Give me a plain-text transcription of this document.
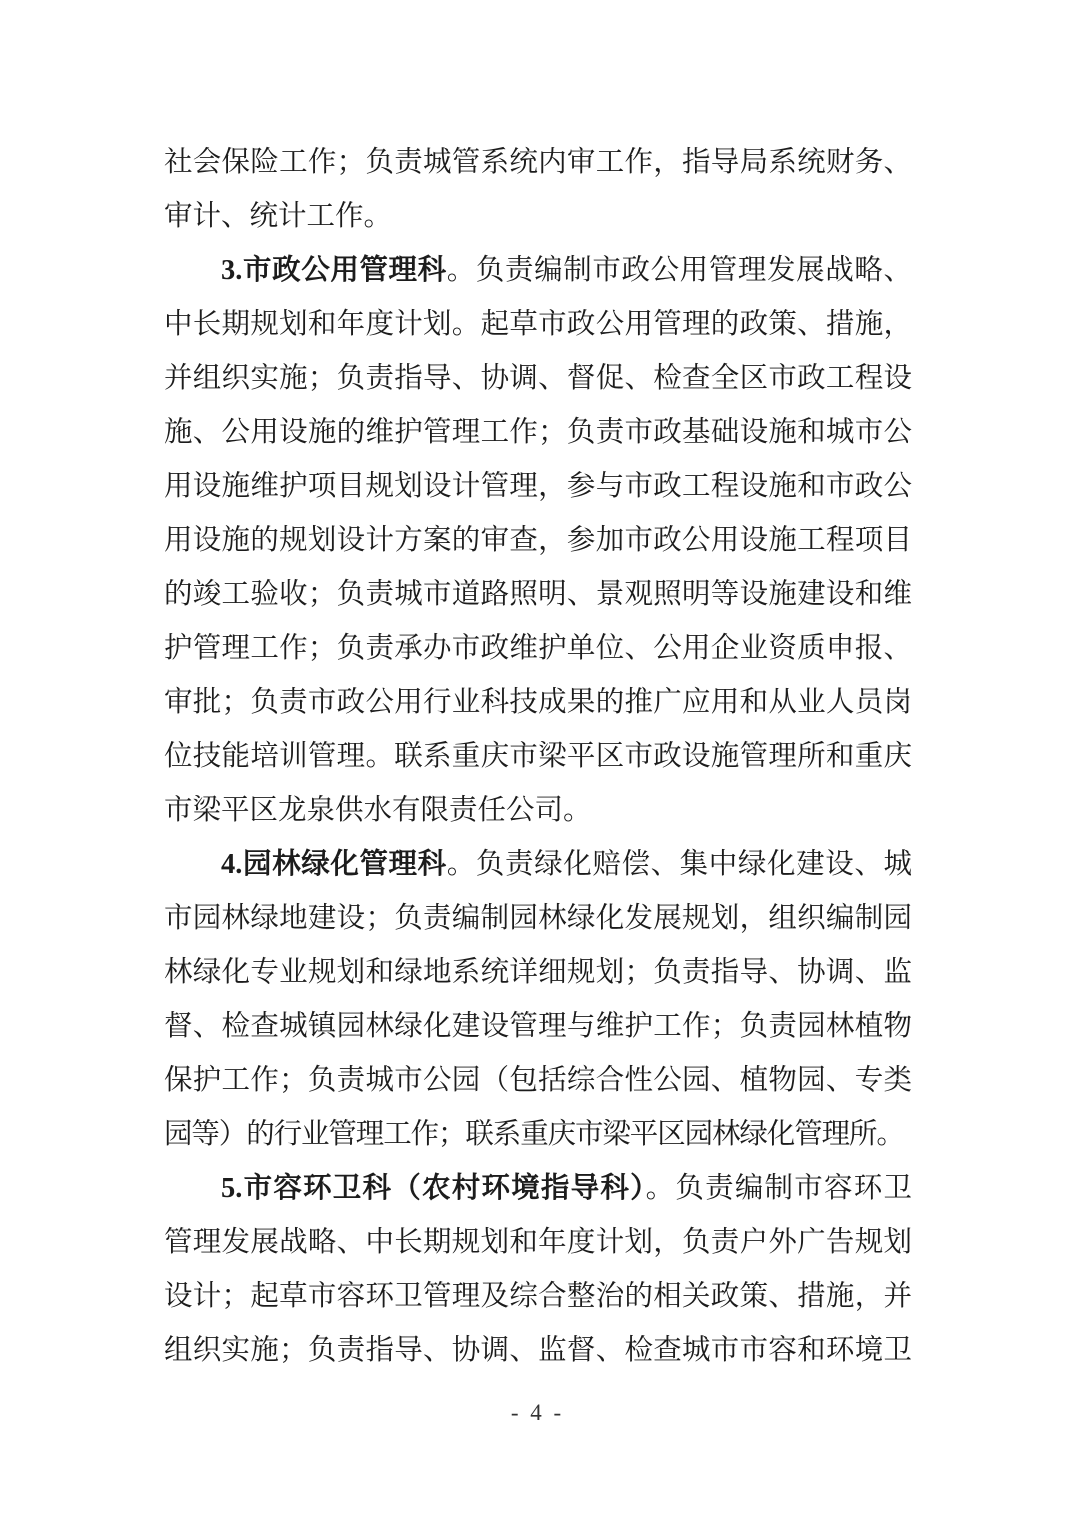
社会保险工作；负责城管系统内审工作，指导局系统财务、
审计、统计工作。
3.市政公用管理科。负责编制市政公用管理发展战略、
中长期规划和年度计划。起草市政公用管理的政策、措施，
并组织实施；负责指导、协调、督促、检查全区市政工程设
施、公用设施的维护管理工作；负责市政基础设施和城市公
用设施维护项目规划设计管理，参与市政工程设施和市政公
用设施的规划设计方案的审查，参加市政公用设施工程项目
的竣工验收；负责城市道路照明、景观照明等设施建设和维
护管理工作；负责承办市政维护单位、公用企业资质申报、
审批；负责市政公用行业科技成果的推广应用和从业人员岗
位技能培训管理。联系重庆市梁平区市政设施管理所和重庆
市梁平区龙泉供水有限责任公司。
4.园林绿化管理科。负责绿化赔偿、集中绿化建设、城
市园林绿地建设；负责编制园林绿化发展规划，组织编制园
林绿化专业规划和绿地系统详细规划；负责指导、协调、监
督、检查城镇园林绿化建设管理与维护工作；负责园林植物
保护工作；负责城市公园（包括综合性公园、植物园、专类
园等）的行业管理工作；联系重庆市梁平区园林绿化管理所。
5.市容环卫科（农村环境指导科）。负责编制市容环卫
管理发展战略、中长期规划和年度计划，负责户外广告规划
设计；起草市容环卫管理及综合整治的相关政策、措施，并
组织实施；负责指导、协调、监督、检查城市市容和环境卫
- 4 -
